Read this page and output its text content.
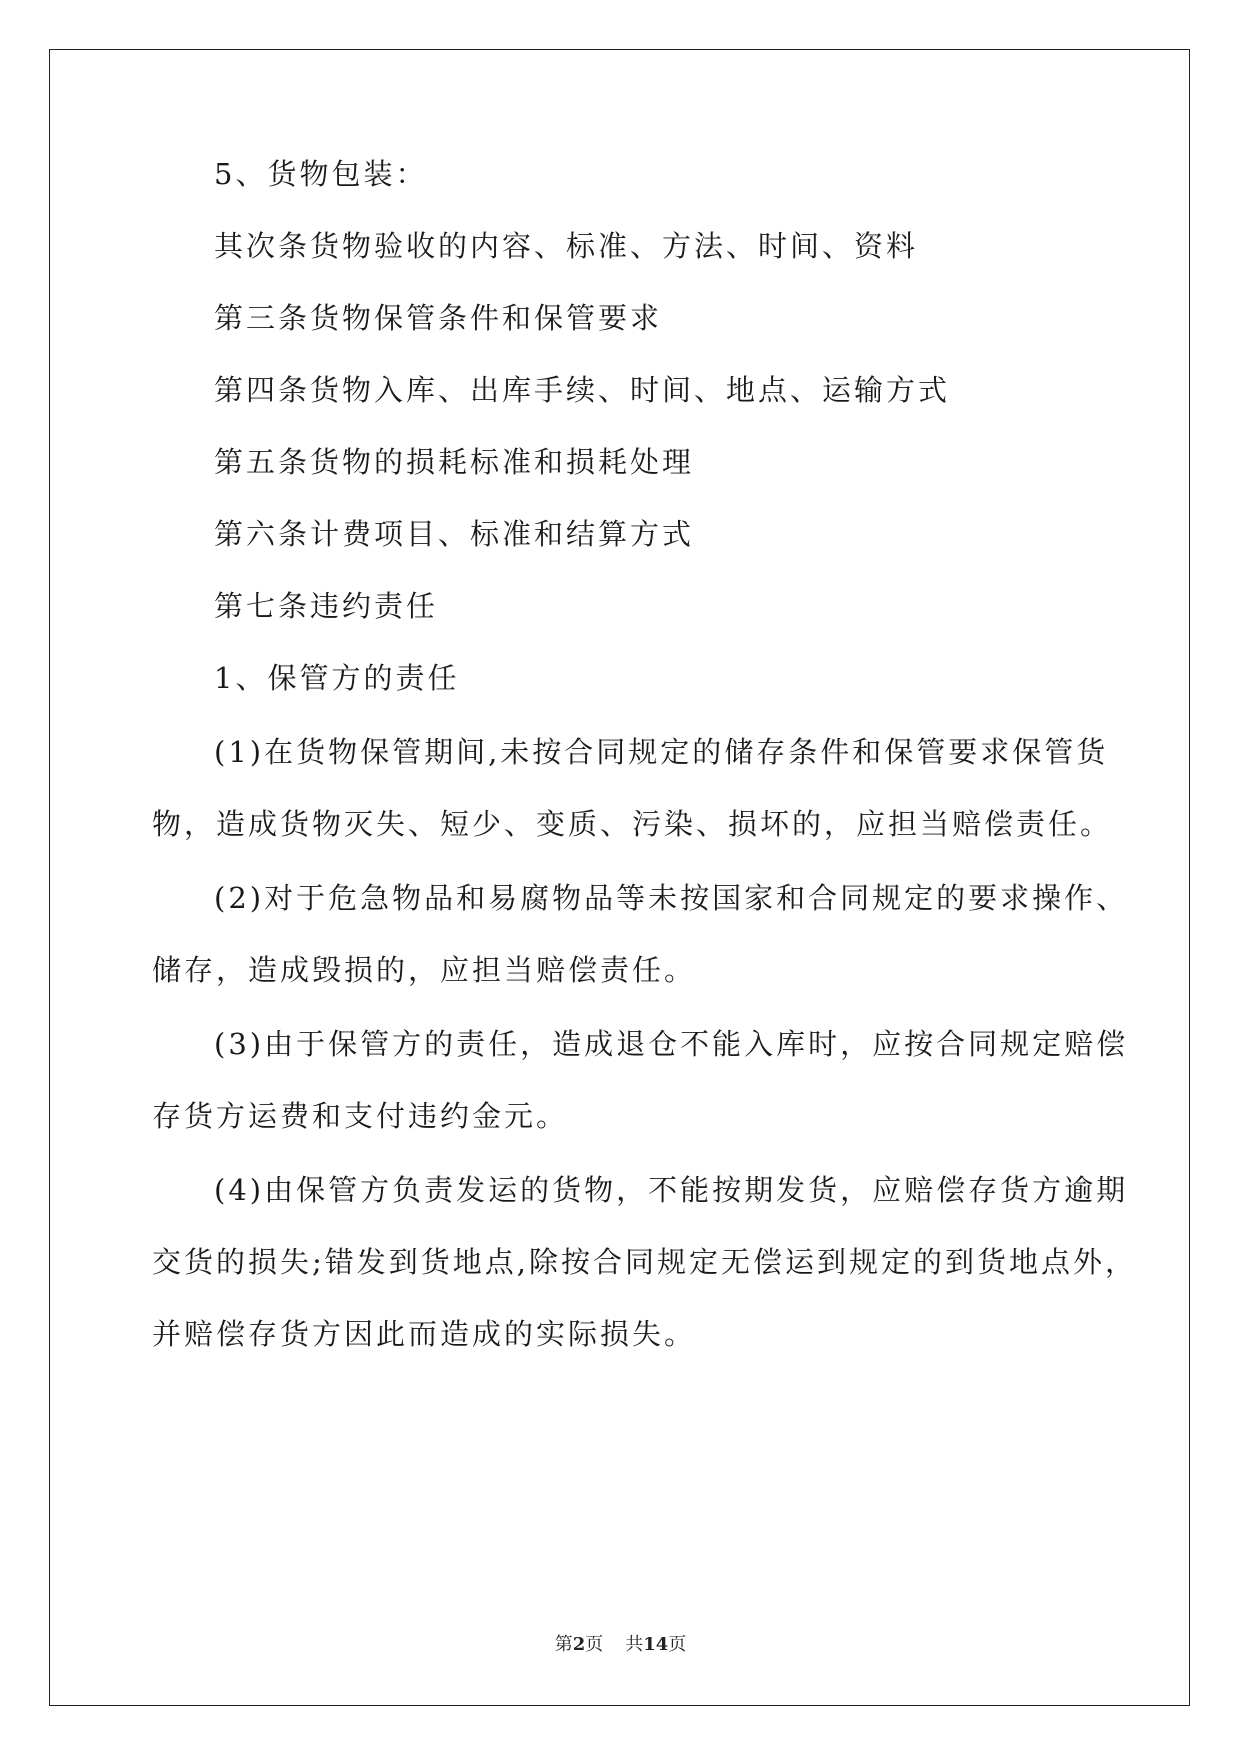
5、货物包装：
其次条货物验收的内容、标准、方法、时间、资料
第三条货物保管条件和保管要求
第四条货物入库、出库手续、时间、地点、运输方式
第五条货物的损耗标准和损耗处理
第六条计费项目、标准和结算方式
第七条违约责任
1、保管方的责任
(1)在货物保管期间,未按合同规定的储存条件和保管要求保管货
物，造成货物灭失、短少、变质、污染、损坏的，应担当赔偿责任。
(2)对于危急物品和易腐物品等未按国家和合同规定的要求操作、
储存，造成毁损的，应担当赔偿责任。
(3)由于保管方的责任，造成退仓不能入库时，应按合同规定赔偿
存货方运费和支付违约金元。
(4)由保管方负责发运的货物，不能按期发货，应赔偿存货方逾期
交货的损失;错发到货地点,除按合同规定无偿运到规定的到货地点外，
并赔偿存货方因此而造成的实际损失。
第2页 共14页
